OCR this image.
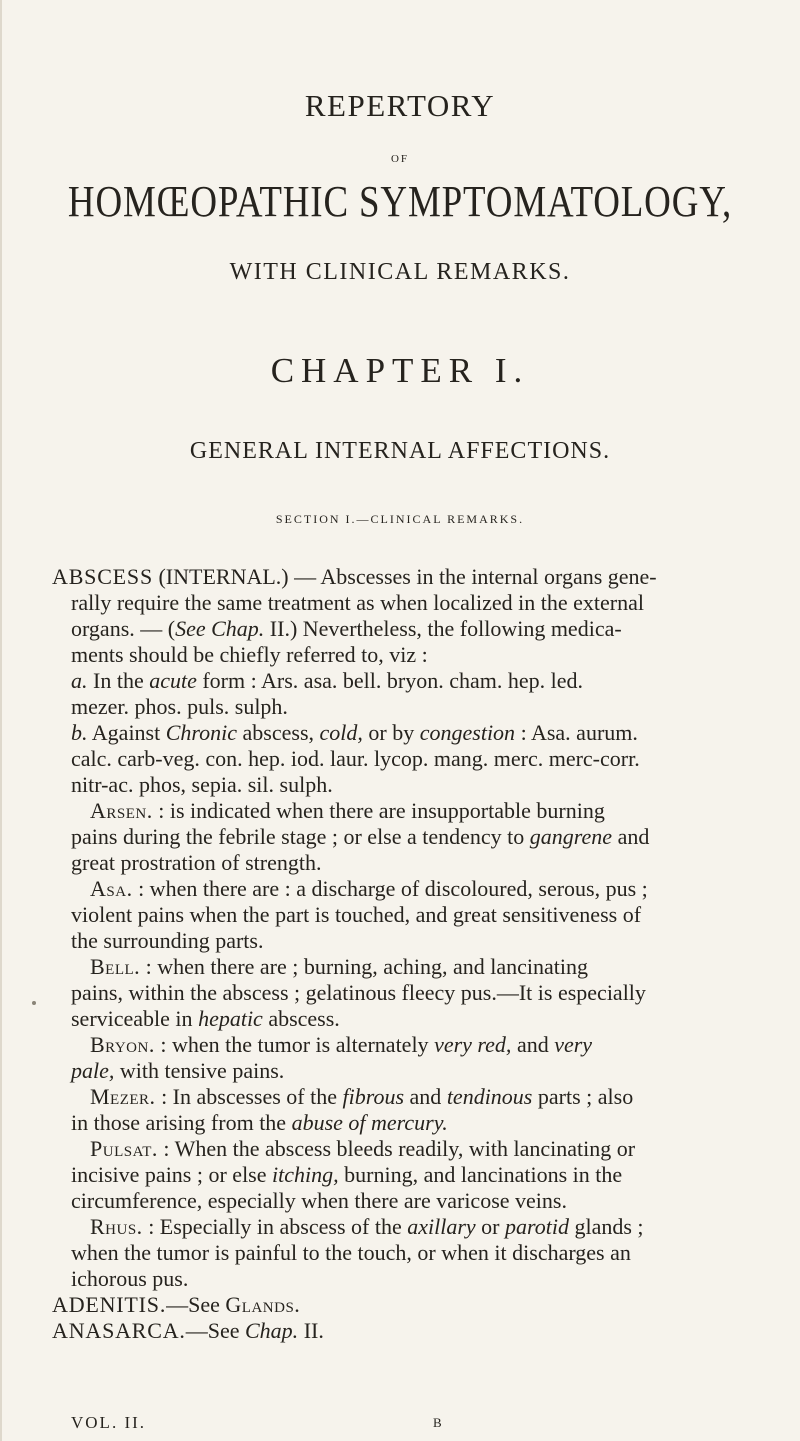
REPERTORY
OF
HOMŒOPATHIC SYMPTOMATOLOGY,
WITH CLINICAL REMARKS.
CHAPTER I.
GENERAL INTERNAL AFFECTIONS.
SECTION I.—CLINICAL REMARKS.
ABSCESS (INTERNAL.) — Abscesses in the internal organs gene-
rally require the same treatment as when localized in the external
organs. — (See Chap. II.) Nevertheless, the following medica-
ments should be chiefly referred to, viz :
a. In the acute form : Ars. asa. bell. bryon. cham. hep. led.
mezer. phos. puls. sulph.
b. Against Chronic abscess, cold, or by congestion : Asa. aurum.
calc. carb-veg. con. hep. iod. laur. lycop. mang. merc. merc-corr.
nitr-ac. phos, sepia. sil. sulph.
Arsen. : is indicated when there are insupportable burning
pains during the febrile stage ; or else a tendency to gangrene and
great prostration of strength.
Asa. : when there are : a discharge of discoloured, serous, pus ;
violent pains when the part is touched, and great sensitiveness of
the surrounding parts.
Bell. : when there are ; burning, aching, and lancinating
pains, within the abscess ; gelatinous fleecy pus.—It is especially
serviceable in hepatic abscess.
Bryon. : when the tumor is alternately very red, and very
pale, with tensive pains.
Mezer. : In abscesses of the fibrous and tendinous parts ; also
in those arising from the abuse of mercury.
Pulsat. : When the abscess bleeds readily, with lancinating or
incisive pains ; or else itching, burning, and lancinations in the
circumference, especially when there are varicose veins.
Rhus. : Especially in abscess of the axillary or parotid glands ;
when the tumor is painful to the touch, or when it discharges an
ichorous pus.
ADENITIS.—See Glands.
ANASARCA.—See Chap. II.
VOL. II.	B
